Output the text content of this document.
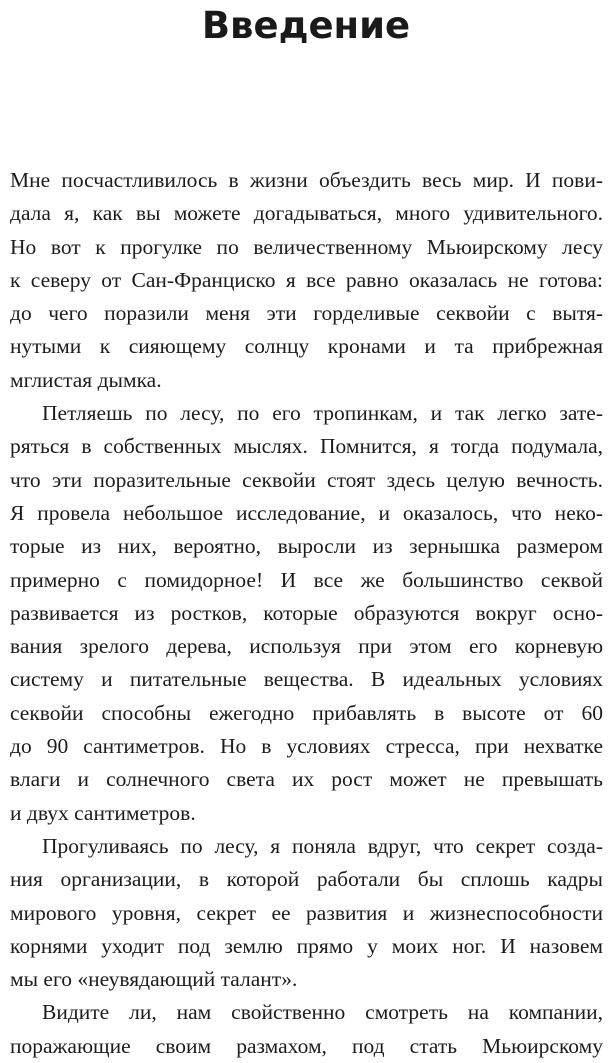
Введение

Мне посчастливилось в жизни объездить весь мир. И пови-
дала я, как вы можете догадываться, много удивительного.
Но вот к прогулке по величественному Мьюирскому лесу
к северу от Сан-Франциско я все равно оказалась не готова:
до чего поразили меня эти горделивые секвойи с вытя-
нутыми к сияющему солнцу кронами и та прибрежная
мглистая дымка.

Петляешь по лесу, по его тропинкам, и так легко зате-
ряться в собственных мыслях. Помнится, я тогда подумала,
что эти поразительные секвойи стоят здесь целую вечность.
Я провела небольшое исследование, и оказалось, что неко-
торые из них, вероятно, выросли из зернышка размером
примерно с помидорное! И все же большинство секвой
развивается из ростков, которые образуются вокруг осно-
вания зрелого дерева, используя при этом его корневую
систему и питательные вещества. В идеальных условиях
секвойи способны ежегодно прибавлять в высоте от 60
до 90 сантиметров. Но в условиях стресса, при нехватке
влаги и солнечного света их рост может не превышать
и двух сантиметров.

Прогуливаясь по лесу, я поняла вдруг, что секрет созда-
ния организации, в которой работали бы сплошь кадры
мирового уровня, секрет ее развития и жизнеспособности
корнями уходит под землю прямо у моих ног. И назовем
мы его «неувядающий талант».

Видите ли, нам свойственно смотреть на компании,
поражающие своим размахом, под стать Мьюирскому
